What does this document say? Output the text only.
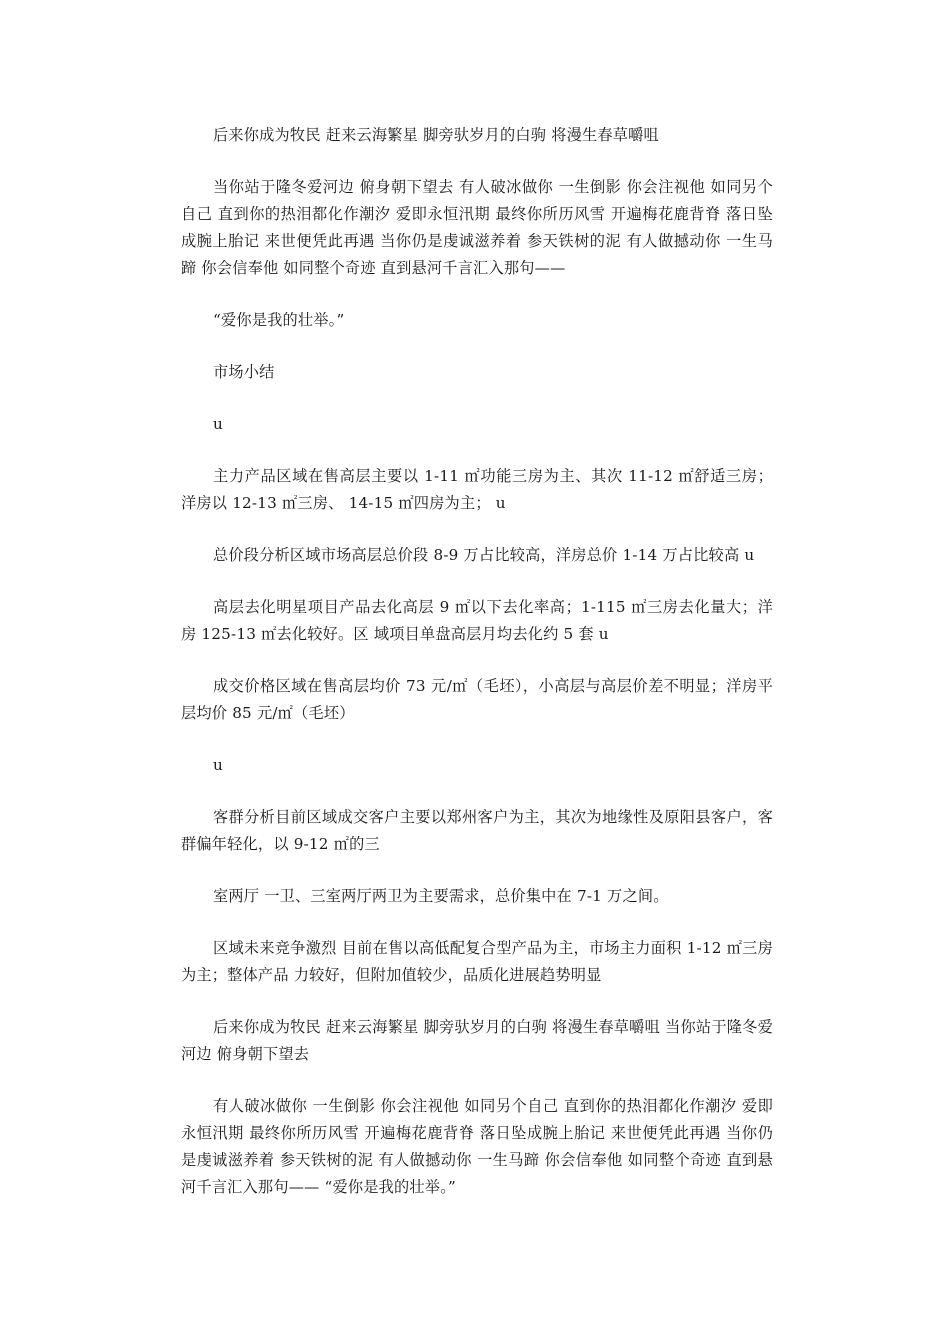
后来你成为牧民 赶来云海繁星 脚旁驮岁月的白驹 将漫生春草嚼咀

当你站于隆冬爱河边 俯身朝下望去 有人破冰做你 一生倒影 你会注视他 如同另个自己 直到你的热泪都化作潮汐 爱即永恒汛期 最终你所历风雪 开遍梅花鹿背脊 落日坠成腕上胎记 来世便凭此再遇 当你仍是虔诚滋养着 参天铁树的泥 有人做撼动你 一生马蹄 你会信奉他 如同整个奇迹 直到悬河千言汇入那句——

“爱你是我的壮举。”

市场小结

u

主力产品区域在售高层主要以 1-11 ㎡功能三房为主、其次 11-12 ㎡舒适三房；洋房以 12-13 ㎡三房、 14-15 ㎡四房为主； u

总价段分析区域市场高层总价段 8-9 万占比较高，洋房总价 1-14 万占比较高 u

高层去化明星项目产品去化高层 9 ㎡以下去化率高；1-115 ㎡三房去化量大；洋房 125-13 ㎡去化较好。区 域项目单盘高层月均去化约 5 套 u

成交价格区域在售高层均价 73 元/㎡（毛坯），小高层与高层价差不明显；洋房平层均价 85 元/㎡（毛坯）

u

客群分析目前区域成交客户主要以郑州客户为主，其次为地缘性及原阳县客户，客群偏年轻化，以 9-12 ㎡的三

室两厅 一卫、三室两厅两卫为主要需求，总价集中在 7-1 万之间。

区域未来竞争激烈 目前在售以高低配复合型产品为主，市场主力面积 1-12 ㎡三房为主；整体产品 力较好，但附加值较少，品质化进展趋势明显

后来你成为牧民 赶来云海繁星 脚旁驮岁月的白驹 将漫生春草嚼咀 当你站于隆冬爱河边 俯身朝下望去

有人破冰做你 一生倒影 你会注视他 如同另个自己 直到你的热泪都化作潮汐 爱即永恒汛期 最终你所历风雪 开遍梅花鹿背脊 落日坠成腕上胎记 来世便凭此再遇 当你仍是虔诚滋养着 参天铁树的泥 有人做撼动你 一生马蹄 你会信奉他 如同整个奇迹 直到悬河千言汇入那句—— “爱你是我的壮举。”
